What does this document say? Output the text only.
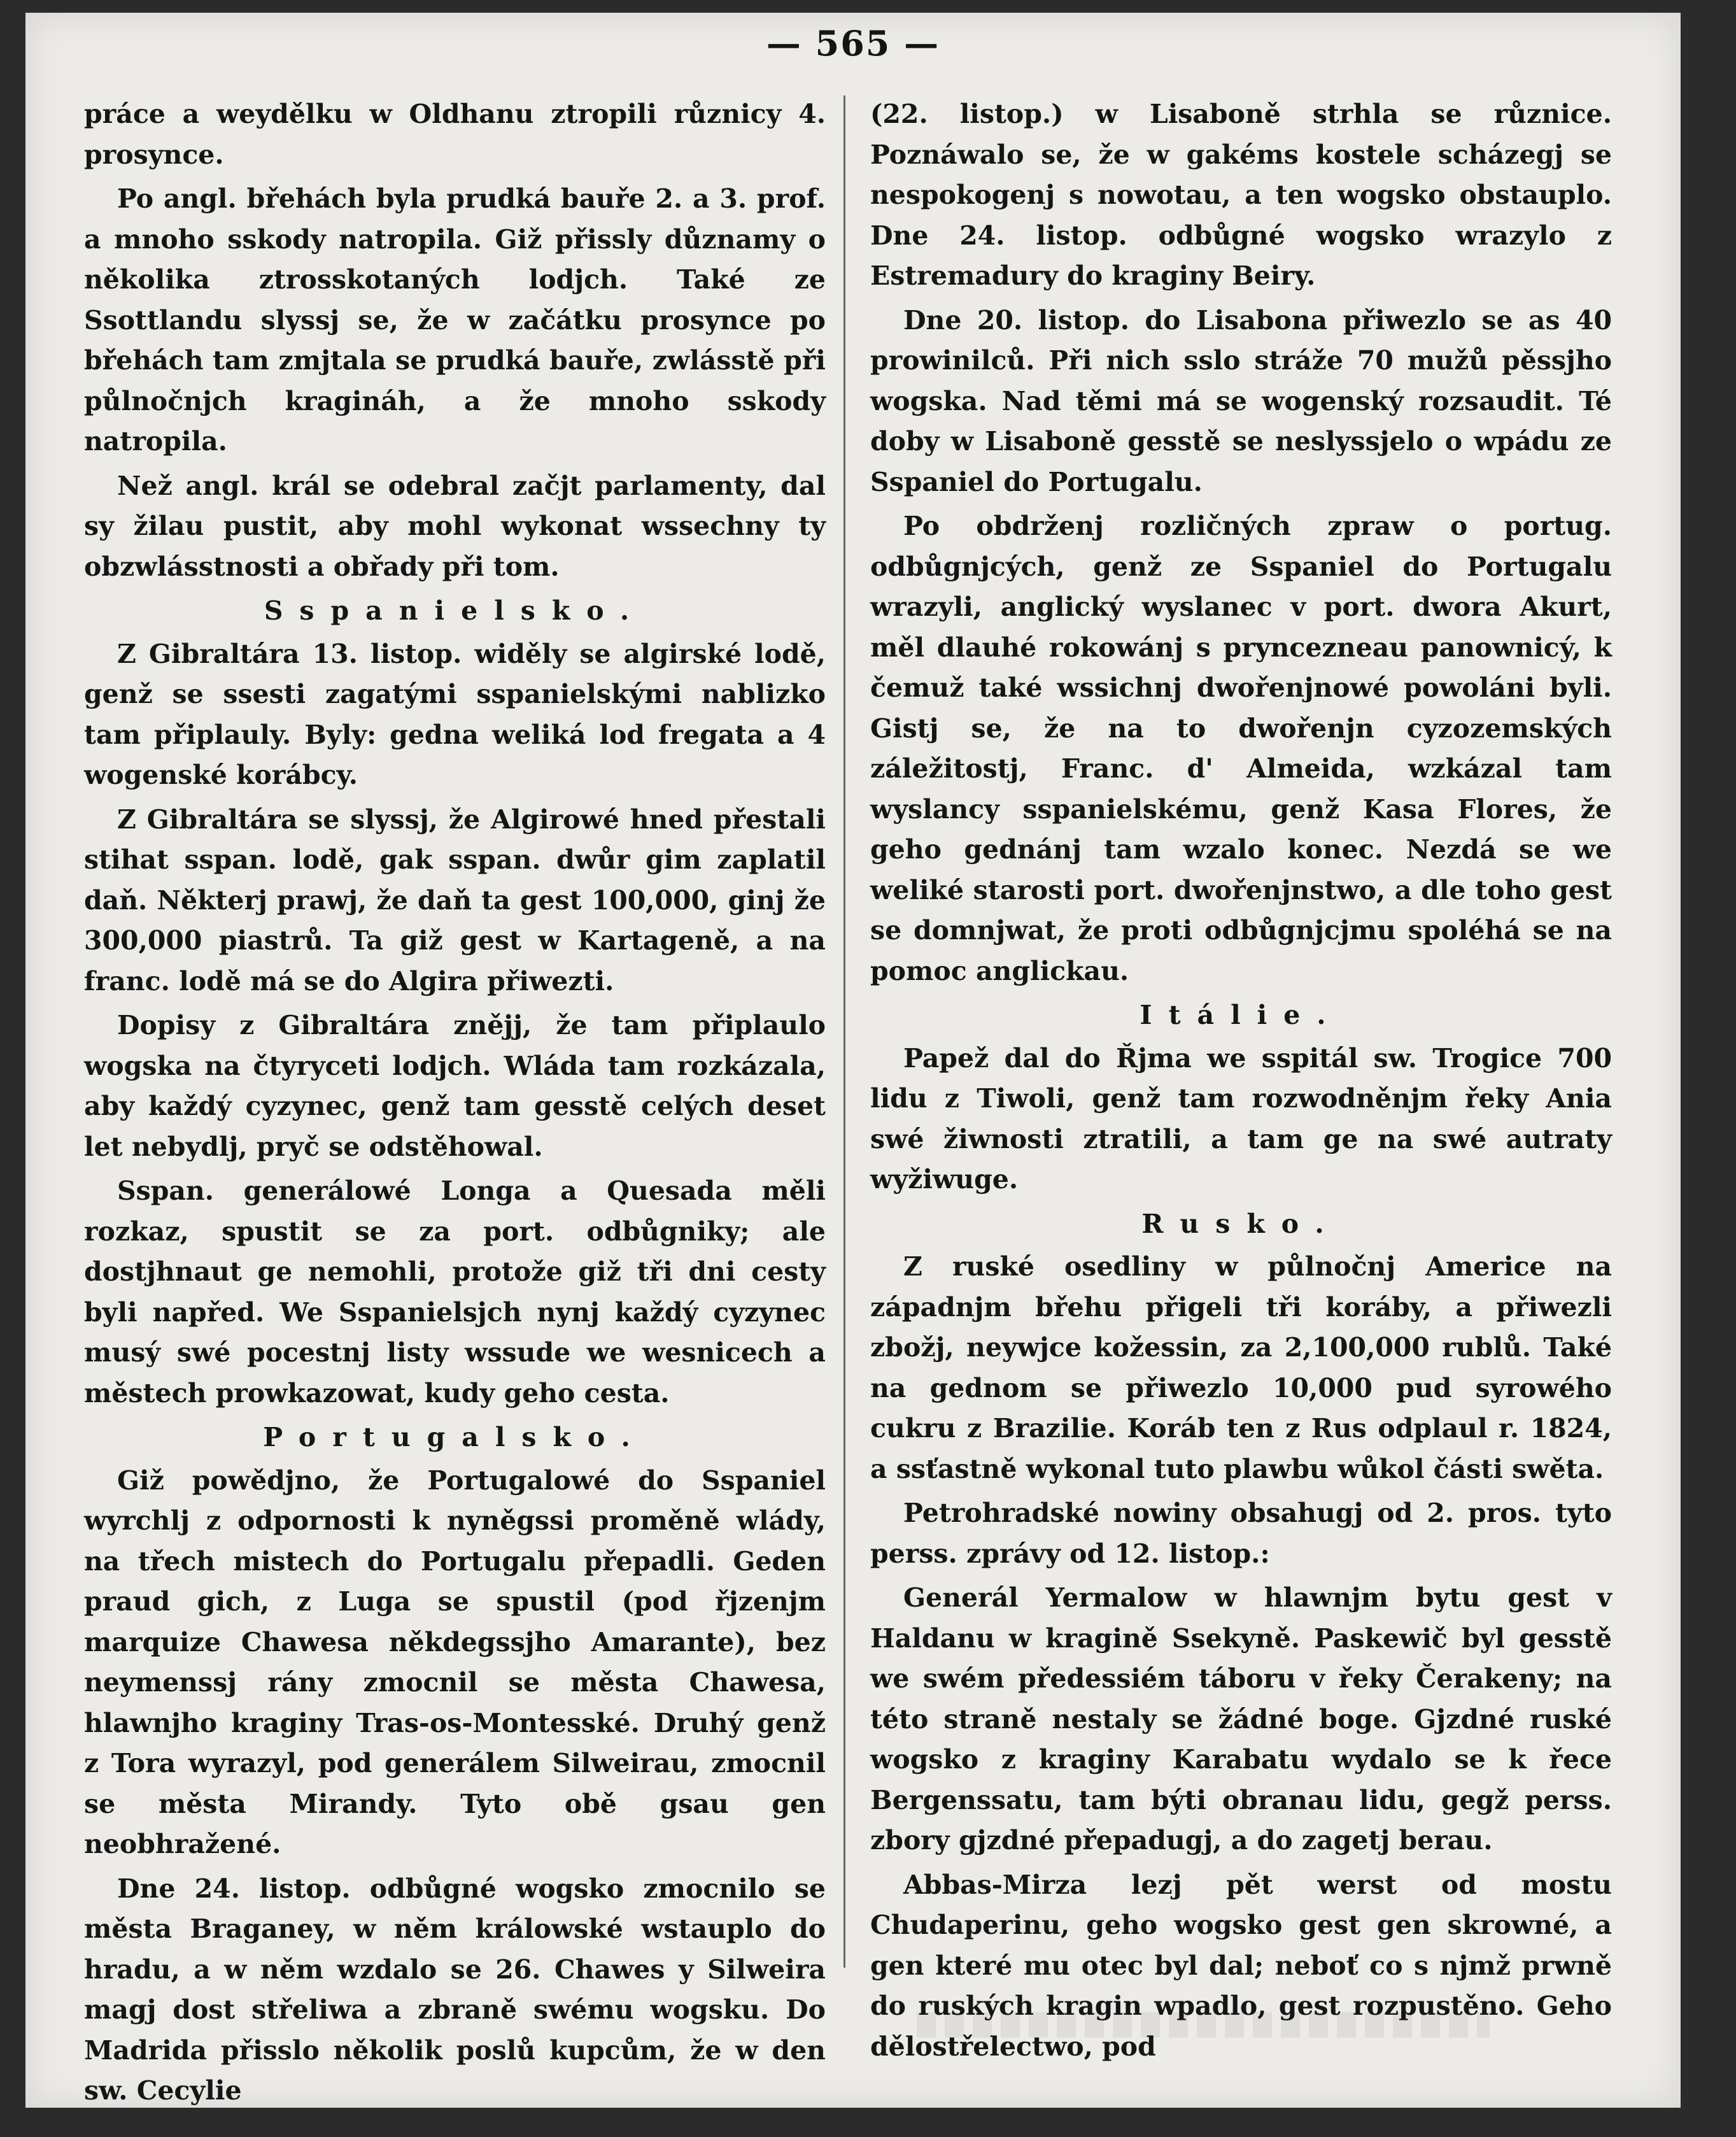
— 565 —

práce a weydělku w Oldhanu ztropili různicy 4. prosynce.

Po angl. břehách byla prudká bauře 2. a 3. prof. a mnoho sskody natropila. Giž přissly důznamy o několika ztrosskotaných lodjch. Také ze Ssottlandu slyssj se, že w začátku prosynce po břehách tam zmjtala se prudká bauře, zwlásstě při půlnočnjch kragináh, a že mnoho sskody natropila.

Než angl. král se odebral začjt parlamenty, dal sy žilau pustit, aby mohl wykonat wssechny ty obzwlásstnosti a obřady při tom.

Sspanielsko.

Z Gibraltára 13. listop. widěly se algirské lodě, genž se ssesti zagatými sspanielskými nablizko tam připlauly. Byly: gedna weliká lod fregata a 4 wogenské korábcy.

Z Gibraltára se slyssj, že Algirowé hned přestali stihat sspan. lodě, gak sspan. dwůr gim zaplatil daň. Některj prawj, že daň ta gest 100,000, ginj že 300,000 piastrů. Ta giž gest w Kartageně, a na franc. lodě má se do Algira přiwezti.

Dopisy z Gibraltára znějj, že tam připlaulo wogska na čtyryceti lodjch. Wláda tam rozkázala, aby každý cyzynec, genž tam gesstě celých deset let nebydlj, pryč se odstěhowal.

Sspan. generálowé Longa a Quesada měli rozkaz, spustit se za port. odbůgniky; ale dostjhnaut ge nemohli, protože giž tři dni cesty byli napřed. We Sspanielsjch nynj každý cyzynec musý swé pocestnj listy wssude we wesnicech a městech prowkazowat, kudy geho cesta.

Portugalsko.

Giž powědjno, že Portugalowé do Sspaniel wyrchlj z odpornosti k nyněgssi proměně wlády, na třech mistech do Portugalu přepadli. Geden praud gich, z Luga se spustil (pod řjzenjm marquize Chawesa někdegssjho Amarante), bez neymenssj rány zmocnil se města Chawesa, hlawnjho kraginy Tras-os-Montesské. Druhý genž z Tora wyrazyl, pod generálem Silweirau, zmocnil se města Mirandy. Tyto obě gsau gen neobhražené.

Dne 24. listop. odbůgné wogsko zmocnilo se města Braganey, w něm králowské wstauplo do hradu, a w něm wzdalo se 26. Chawes y Silweira magj dost střeliwa a zbraně swému wogsku. Do Madrida přisslo několik poslů kupcům, že w den sw. Cecylie

(22. listop.) w Lisaboně strhla se různice. Poznáwalo se, že w gakéms kostele scházegj se nespokogenj s nowotau, a ten wogsko obstauplo. Dne 24. listop. odbůgné wogsko wrazylo z Estremadury do kraginy Beiry.

Dne 20. listop. do Lisabona přiwezlo se as 40 prowinilců. Při nich sslo stráže 70 mužů pěssjho wogska. Nad těmi má se wogenský rozsaudit. Té doby w Lisaboně gesstě se neslyssjelo o wpádu ze Sspaniel do Portugalu.

Po obdrženj rozličných zpraw o portug. odbůgnjcých, genž ze Sspaniel do Portugalu wrazyli, anglický wyslanec v port. dwora Akurt, měl dlauhé rokowánj s pryncezneau panownicý, k čemuž také wssichnj dwořenjnowé powoláni byli. Gistj se, že na to dwořenjn cyzozemských záležitostj, Franc. d' Almeida, wzkázal tam wyslancy sspanielskému, genž Kasa Flores, že geho gednánj tam wzalo konec. Nezdá se we weliké starosti port. dwořenjnstwo, a dle toho gest se domnjwat, že proti odbůgnjcjmu spoléhá se na pomoc anglickau.

Itálie.

Papež dal do Řjma we sspitál sw. Trogice 700 lidu z Tiwoli, genž tam rozwodněnjm řeky Ania swé žiwnosti ztratili, a tam ge na swé autraty wyžiwuge.

Rusko.

Z ruské osedliny w půlnočnj Americe na západnjm břehu přigeli tři koráby, a přiwezli zbožj, neywjce kožessin, za 2,100,000 rublů. Také na gednom se přiwezlo 10,000 pud syrowého cukru z Brazilie. Koráb ten z Rus odplaul r. 1824, a ssťastně wykonal tuto plawbu wůkol části swěta.

Petrohradské nowiny obsahugj od 2. pros. tyto perss. zprávy od 12. listop.:

Generál Yermalow w hlawnjm bytu gest v Haldanu w kragině Ssekyně. Paskewič byl gesstě we swém předessiém táboru v řeky Čerakeny; na této straně nestaly se žádné boge. Gjzdné ruské wogsko z kraginy Karabatu wydalo se k řece Bergenssatu, tam býti obranau lidu, gegž perss. zbory gjzdné přepadugj, a do zagetj berau.

Abbas-Mirza lezj pět werst od mostu Chudaperinu, geho wogsko gest gen skrowné, a gen které mu otec byl dal; neboť co s njmž prwně do ruských kragin wpadlo, gest rozpustěno. Geho dělostřelectwo, pod
